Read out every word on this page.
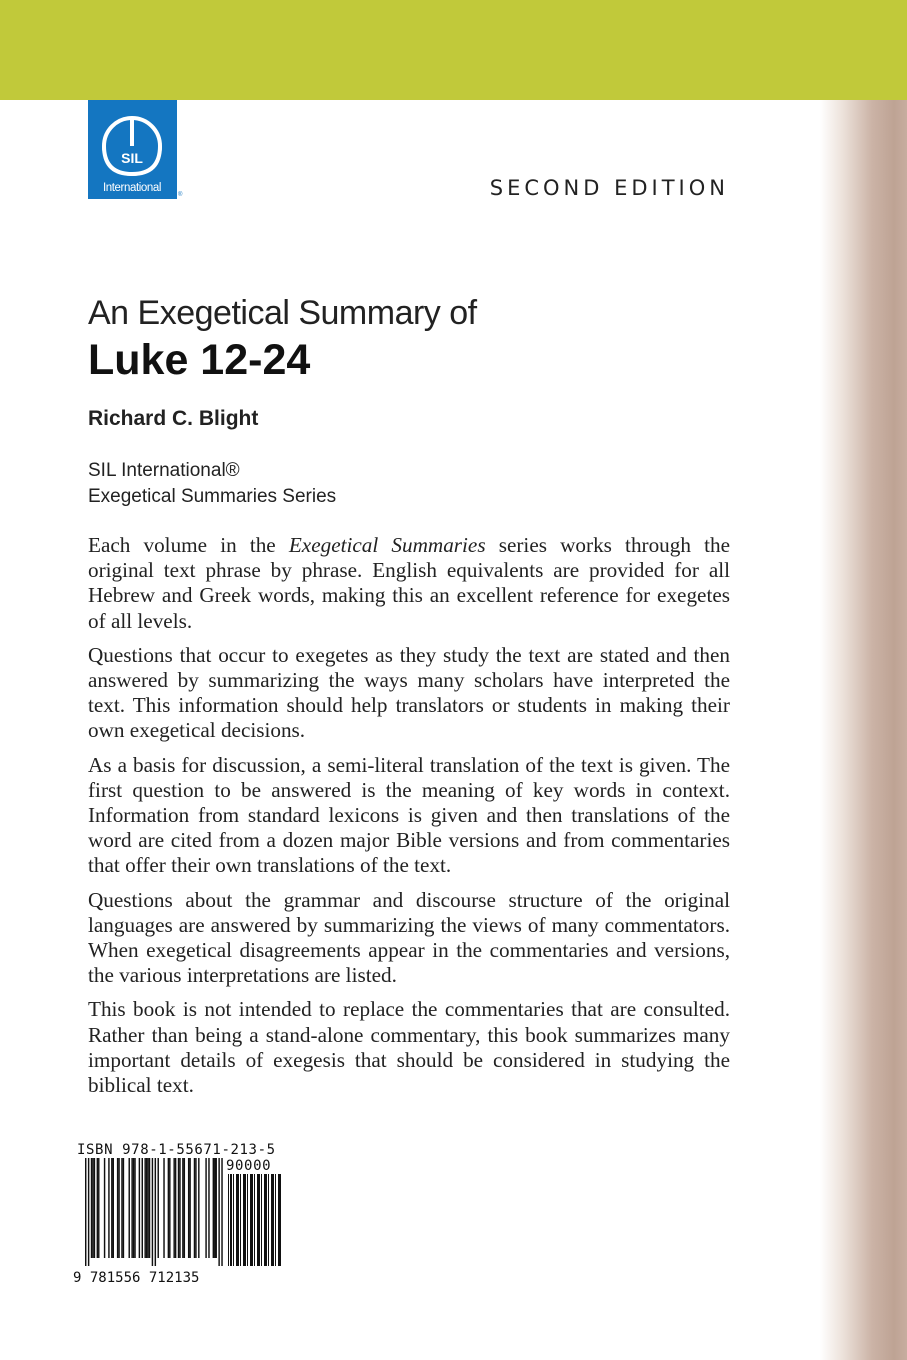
SIL
International
®	SECOND EDITION
An Exegetical Summary of
Luke 12-24
Richard C. Blight
SIL International®
Exegetical Summaries Series

Each volume in the Exegetical Summaries series works through the original text phrase by phrase. English equivalents are provided for all Hebrew and Greek words, making this an excellent reference for exegetes of all levels.

Questions that occur to exegetes as they study the text are stated and then answered by summarizing the ways many scholars have interpreted the text. This information should help translators or students in making their own exegetical decisions.

As a basis for discussion, a semi-literal translation of the text is given. The first question to be answered is the meaning of key words in context. Information from standard lexicons is given and then translations of the word are cited from a dozen major Bible versions and from commentaries that offer their own translations of the text.

Questions about the grammar and discourse structure of the original languages are answered by summarizing the views of many commentators. When exegetical disagreements appear in the commentaries and versions, the various interpretations are listed.

This book is not intended to replace the commentaries that are consulted. Rather than being a stand-alone commentary, this book summarizes many important details of exegesis that should be considered in studying the biblical text.

ISBN 978-1-55671-213-5
90000
9 781556 712135
